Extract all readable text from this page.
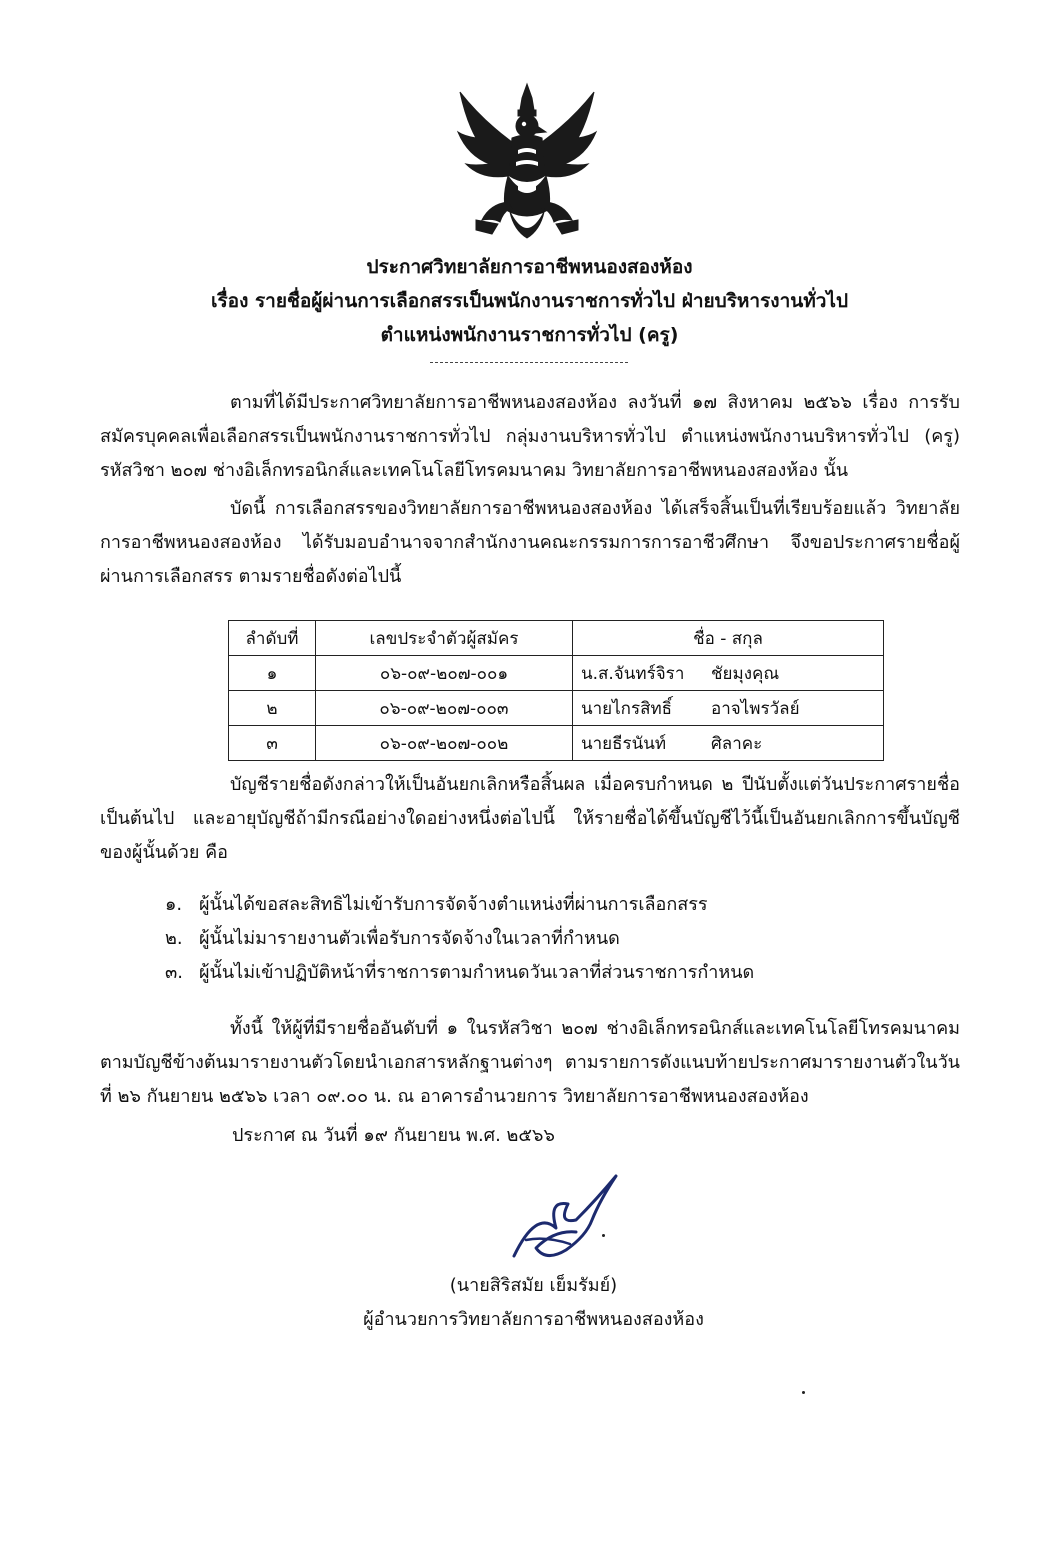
ประกาศวิทยาลัยการอาชีพหนองสองห้อง
เรื่อง รายชื่อผู้ผ่านการเลือกสรรเป็นพนักงานราชการทั่วไป ฝ่ายบริหารงานทั่วไป
ตำแหน่งพนักงานราชการทั่วไป (ครู)
ตามที่ได้มีประกาศวิทยาลัยการอาชีพหนองสองห้อง ลงวันที่ ๑๗ สิงหาคม ๒๕๖๖ เรื่อง การรับสมัครบุคคลเพื่อเลือกสรรเป็นพนักงานราชการทั่วไป กลุ่มงานบริหารทั่วไป ตำแหน่งพนักงานบริหารทั่วไป (ครู) รหัสวิชา ๒๐๗ ช่างอิเล็กทรอนิกส์และเทคโนโลยีโทรคมนาคม วิทยาลัยการอาชีพหนองสองห้อง นั้น
บัดนี้ การเลือกสรรของวิทยาลัยการอาชีพหนองสองห้อง ได้เสร็จสิ้นเป็นที่เรียบร้อยแล้ว วิทยาลัยการอาชีพหนองสองห้อง ได้รับมอบอำนาจจากสำนักงานคณะกรรมการการอาชีวศึกษา จึงขอประกาศรายชื่อผู้ผ่านการเลือกสรร ตามรายชื่อดังต่อไปนี้
ลำดับที่	เลขประจำตัวผู้สมัคร	ชื่อ - สกุล
๑	๐๖-๐๙-๒๐๗-๐๐๑	น.ส.จันทร์จิรา ชัยมุงคุณ
๒	๐๖-๐๙-๒๐๗-๐๐๓	นายไกรสิทธิ์ อาจไพรวัลย์
๓	๐๖-๐๙-๒๐๗-๐๐๒	นายธีรนันท์ ศิลาคะ
บัญชีรายชื่อดังกล่าวให้เป็นอันยกเลิกหรือสิ้นผล เมื่อครบกำหนด ๒ ปีนับตั้งแต่วันประกาศรายชื่อเป็นต้นไป และอายุบัญชีถ้ามีกรณีอย่างใดอย่างหนึ่งต่อไปนี้ ให้รายชื่อได้ขึ้นบัญชีไว้นี้เป็นอันยกเลิกการขึ้นบัญชีของผู้นั้นด้วย คือ
๑. ผู้นั้นได้ขอสละสิทธิไม่เข้ารับการจัดจ้างตำแหน่งที่ผ่านการเลือกสรร
๒. ผู้นั้นไม่มารายงานตัวเพื่อรับการจัดจ้างในเวลาที่กำหนด
๓. ผู้นั้นไม่เข้าปฏิบัติหน้าที่ราชการตามกำหนดวันเวลาที่ส่วนราชการกำหนด
ทั้งนี้ ให้ผู้ที่มีรายชื่ออันดับที่ ๑ ในรหัสวิชา ๒๐๗ ช่างอิเล็กทรอนิกส์และเทคโนโลยีโทรคมนาคม ตามบัญชีข้างต้นมารายงานตัวโดยนำเอกสารหลักฐานต่างๆ ตามรายการดังแนบท้ายประกาศมารายงานตัวในวันที่ ๒๖ กันยายน ๒๕๖๖ เวลา ๐๙.๐๐ น. ณ อาคารอำนวยการ วิทยาลัยการอาชีพหนองสองห้อง
ประกาศ ณ วันที่ ๑๙ กันยายน พ.ศ. ๒๕๖๖
(นายสิริสมัย เย็มรัมย์)
ผู้อำนวยการวิทยาลัยการอาชีพหนองสองห้อง
